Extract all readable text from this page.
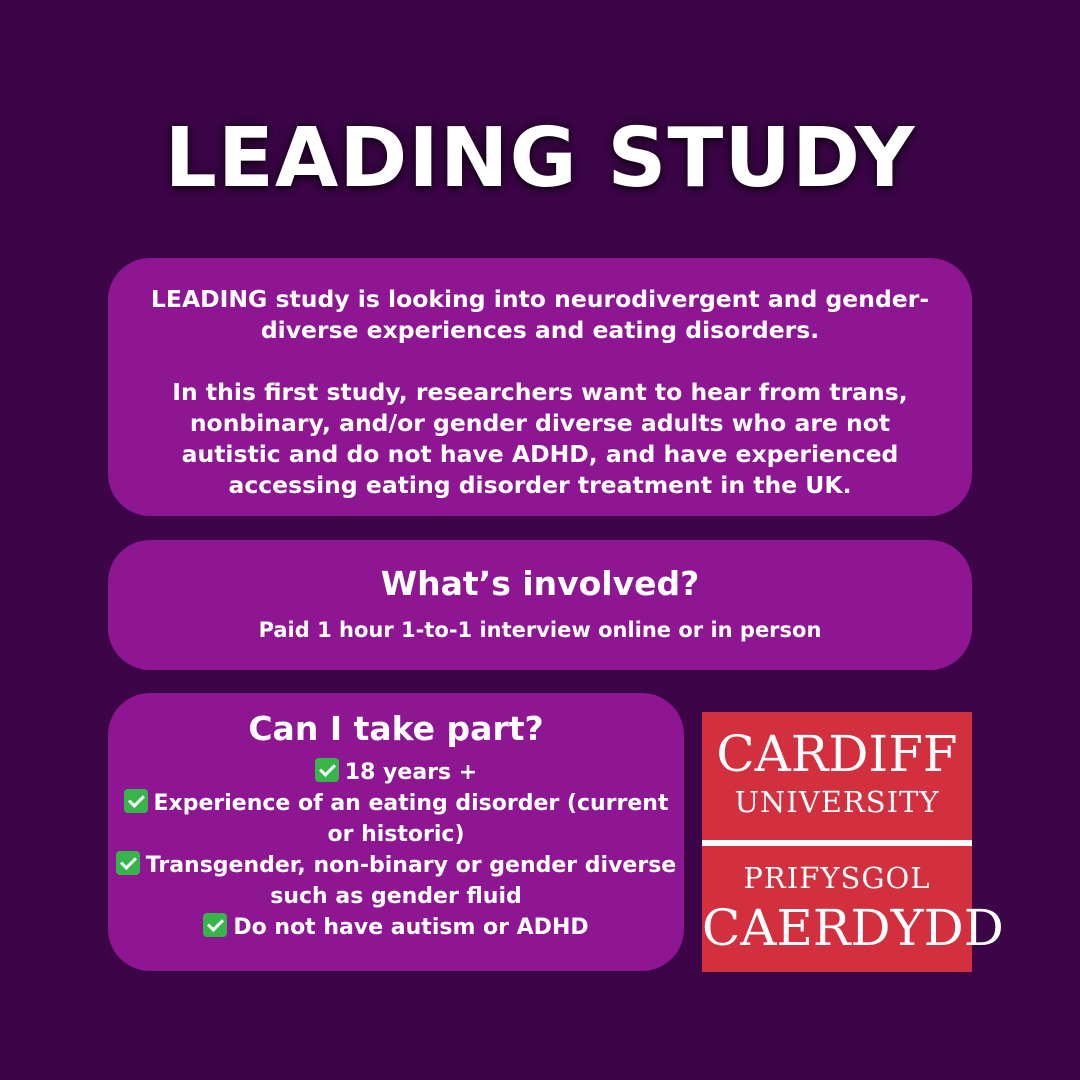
LEADING STUDY

LEADING study is looking into neurodivergent and gender-diverse experiences and eating disorders.

In this first study, researchers want to hear from trans, nonbinary, and/or gender diverse adults who are not autistic and do not have ADHD, and have experienced accessing eating disorder treatment in the UK.

What’s involved?
Paid 1 hour 1-to-1 interview online or in person
Can I take part?
18 years +
Experience of an eating disorder (current or historic)
Transgender, non-binary or gender diverse such as gender fluid
Do not have autism or ADHD
CARDIFF
UNIVERSITY
PRIFYSGOL
CAERDYDD
